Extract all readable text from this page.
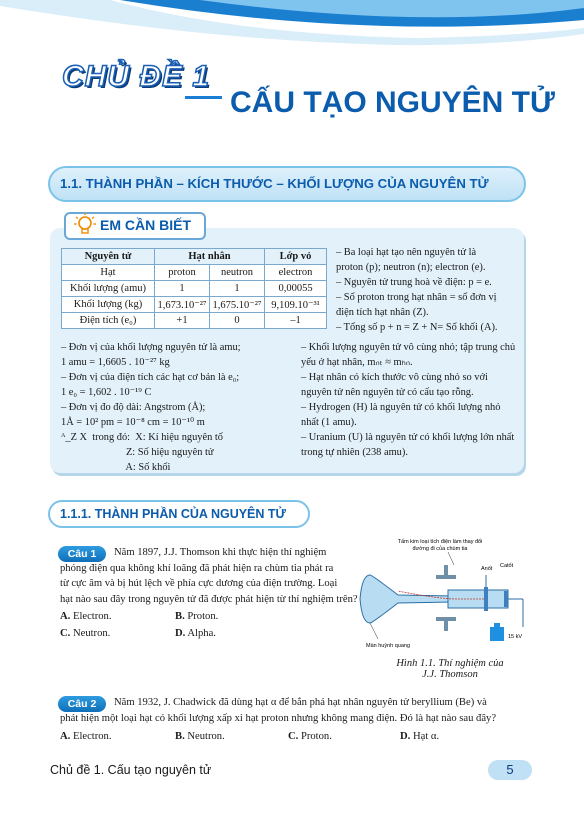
CHỦ ĐỀ 1
CẤU TẠO NGUYÊN TỬ
1.1. THÀNH PHẦN – KÍCH THƯỚC – KHỐI LƯỢNG CỦA NGUYÊN TỬ
EM CẦN BIẾT
Nguyên tử	Hạt nhân		Lớp vỏ
Hạt	proton	neutron	electron
Khối lượng (amu)	1	1	0,00055
Khối lượng (kg)	1,673.10⁻²⁷	1,675.10⁻²⁷	9,109.10⁻³¹
Điện tích (e₀)	+1	0	–1

– Ba loại hạt tạo nên nguyên tử là

proton (p); neutron (n); electron (e).

– Nguyên tử trung hoà về điện: p = e.

– Số proton trong hạt nhân = số đơn vị

điện tích hạt nhân (Z).

– Tổng số p + n = Z + N= Số khối (A).

– Đơn vị của khối lượng nguyên tử là amu;

1 amu = 1,6605 . 10⁻²⁷ kg

– Đơn vị của điện tích các hạt cơ bản là e₀;

1 e₀ = 1,602 . 10⁻¹⁹ C

– Đơn vị đo độ dài: Angstrom (Å);

1Å = 10² pm = 10⁻⁸ cm = 10⁻¹⁰ m

ᴬ_Z X  trong đó:  X: Kí hiệu nguyên tố

Z: Số hiệu nguyên tử

A: Số khối

– Khối lượng nguyên tử vô cùng nhỏ; tập trung chủ

yếu ở hạt nhân, mₙₜ ≈ mₕₙ.

– Hạt nhân có kích thước vô cùng nhỏ so với

nguyên tử nên nguyên tử có cấu tạo rỗng.

– Hydrogen (H) là nguyên tử có khối lượng nhỏ

nhất (1 amu).

– Uranium (U) là nguyên tử có khối lượng lớn nhất

trong tự nhiên (238 amu).

1.1.1. THÀNH PHẦN CỦA NGUYÊN TỬ
Câu 1	Năm 1897, J.J. Thomson khi thực hiện thí nghiệm

phóng điện qua không khí loãng đã phát hiện ra chùm tia phát ra

từ cực âm và bị hút lệch về phía cực dương của điện trường. Loại

hạt nào sau đây trong nguyên tử đã được phát hiện từ thí nghiệm trên?

A. Electron.	B. Proton.
C. Neutron.	D. Alpha.
Tấm kim loại tích điện làm thay đổi
đường đi của chùm tia
Anốt Catốt
15 kV
Màn huỳnh quang
Hình 1.1. Thí nghiệm của
J.J. Thomson
Câu 2	Năm 1932, J. Chadwick đã dùng hạt α để bắn phá hạt nhân nguyên tử beryllium (Be) và

phát hiện một loại hạt có khối lượng xấp xỉ hạt proton nhưng không mang điện. Đó là hạt nào sau đây?

A. Electron.	B. Neutron.	C. Proton.	D. Hạt α.
Chủ đề 1. Cấu tạo nguyên tử	5
